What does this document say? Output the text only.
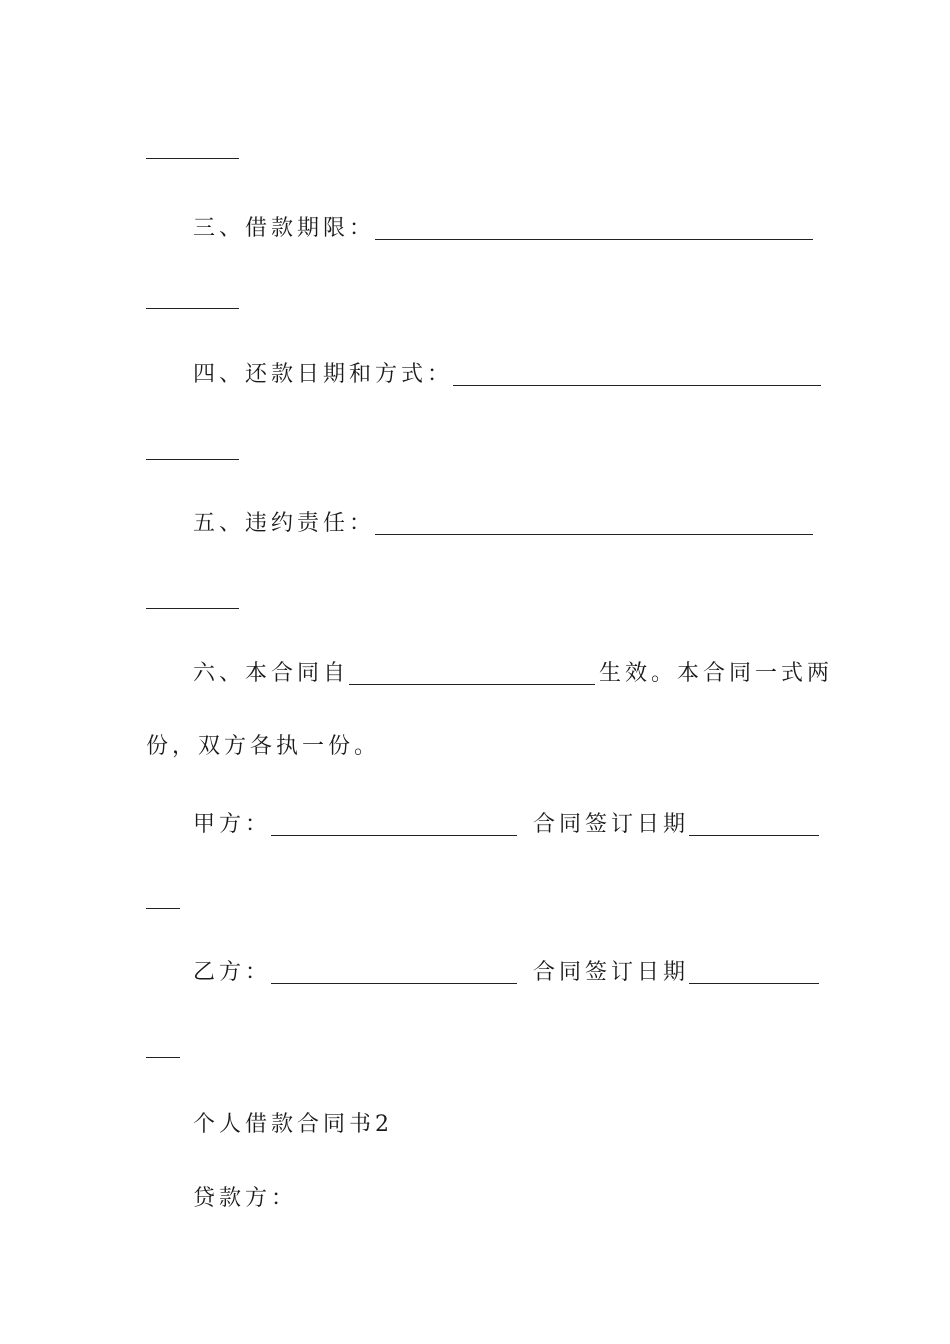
三、借款期限：
四、还款日期和方式：
五、违约责任：
六、本合同自	生效。本合同一式两
份，双方各执一份。
甲方：	合同签订日期
乙方：	合同签订日期
个人借款合同书2
贷款方：
